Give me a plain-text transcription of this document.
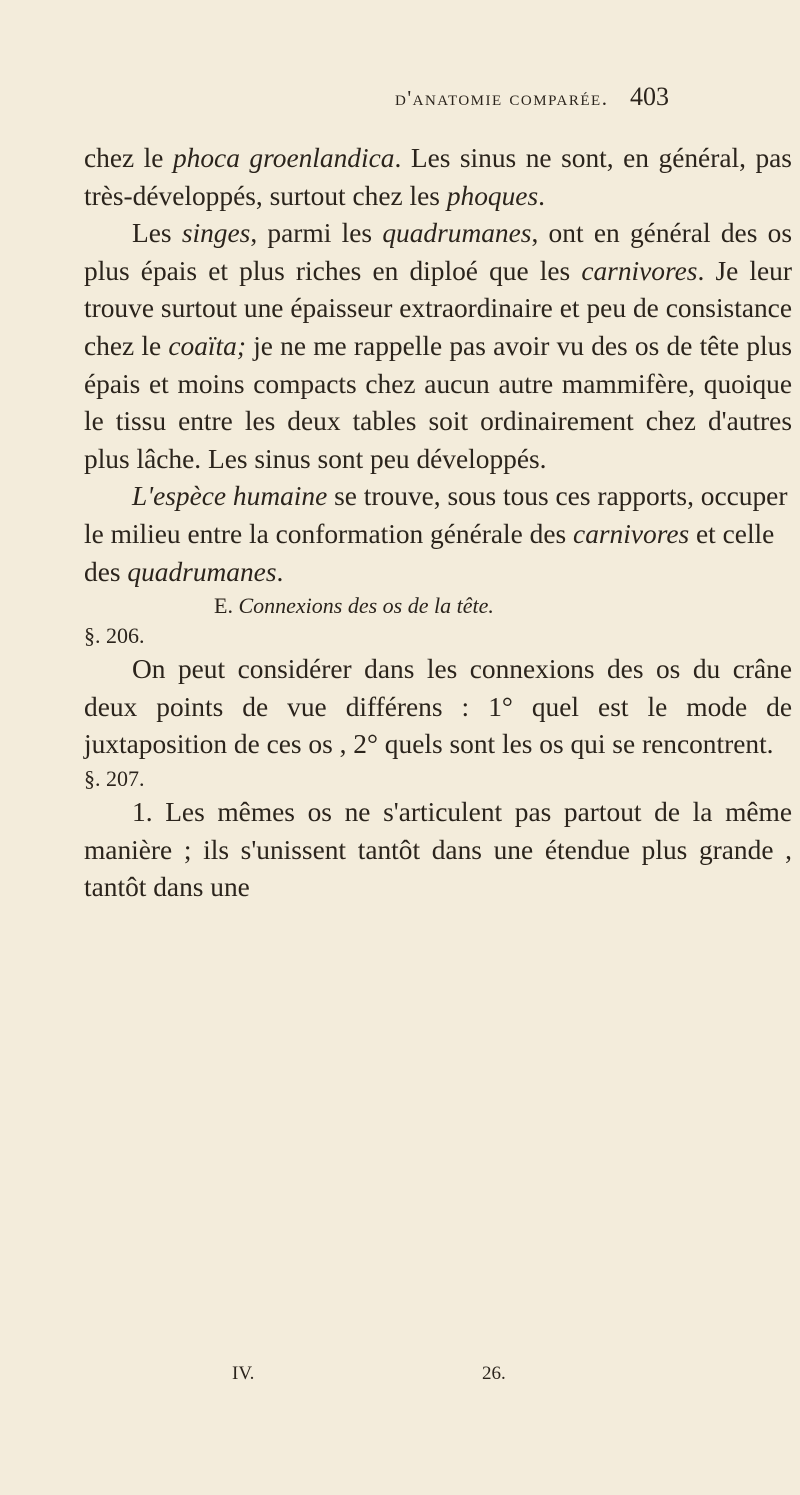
d'anatomie comparée. 403

chez le phoca groenlandica. Les sinus ne sont, en général, pas très-développés, surtout chez les phoques.

Les singes, parmi les quadrumanes, ont en général des os plus épais et plus riches en diploé que les carnivores. Je leur trouve surtout une épaisseur extraordinaire et peu de consistance chez le coaïta; je ne me rappelle pas avoir vu des os de tête plus épais et moins compacts chez aucun autre mammifère, quoique le tissu entre les deux tables soit ordinairement chez d'autres plus lâche. Les sinus sont peu développés.

L'espèce humaine se trouve, sous tous ces rapports, occuper le milieu entre la conformation générale des carnivores et celle des quadrumanes.

E. Connexions des os de la tête.

§. 206.

On peut considérer dans les connexions des os du crâne deux points de vue différens : 1° quel est le mode de juxtaposition de ces os , 2° quels sont les os qui se rencontrent.

§. 207.

1. Les mêmes os ne s'articulent pas partout de la même manière ; ils s'unissent tantôt dans une étendue plus grande , tantôt dans une

IV.	26.
